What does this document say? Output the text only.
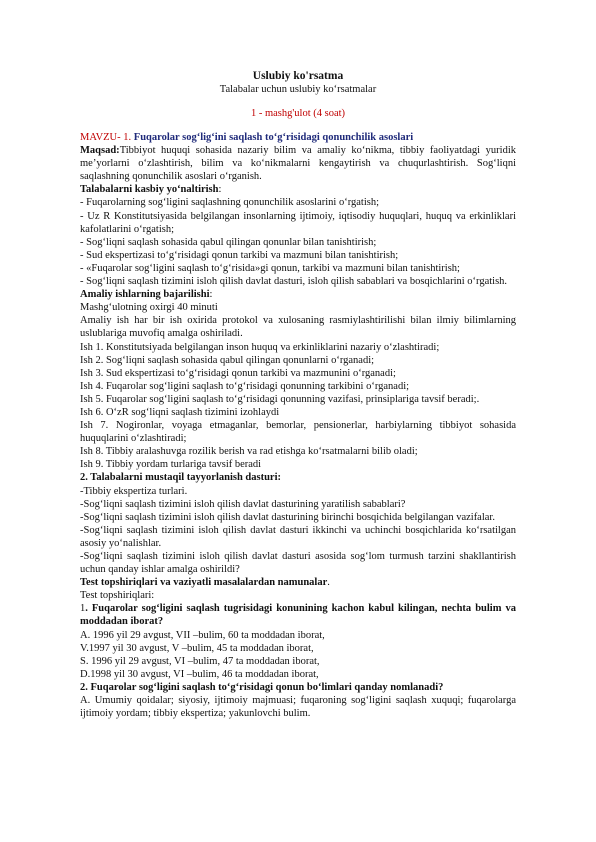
Uslubiy ko'rsatma

Talabalar uchun uslubiy ko‘rsatmalar

1 - mashg'ulot (4 soat)

MAVZU- 1. Fuqarolar sog‘lig‘ini saqlash to‘g‘risidagi qonunchilik asoslari
Maqsad:Tibbiyot huquqi sohasida nazariy bilim va amaliy ko‘nikma, tibbiy faoliyatdagi yuridik me’yorlarni o‘zlashtirish, bilim va ko‘nikmalarni kengaytirish va chuqurlashtirish. Sog‘liqni saqlashning qonunchilik asoslari o‘rganish.
Talabalarni kasbiy yo‘naltirish:

- Fuqarolarning sog‘ligini saqlashning qonunchilik asoslarini o‘rgatish;

- Uz R Konstitutsiyasida belgilangan insonlarning ijtimoiy, iqtisodiy huquqlari, huquq va erkinliklari kafolatlarini o‘rgatish;

- Sog‘liqni saqlash sohasida qabul qilingan qonunlar bilan tanishtirish;

- Sud ekspertizasi to‘g‘risidagi qonun tarkibi va mazmuni bilan tanishtirish;

- «Fuqarolar sog‘ligini saqlash to‘g‘risida»gi qonun, tarkibi va mazmuni bilan tanishtirish;

- Sog‘liqni saqlash tizimini isloh qilish davlat dasturi, isloh qilish sabablari va bosqichlarini o‘rgatish.

Amaliy ishlarning bajarilishi:

Mashg‘ulotning oxirgi 40 minuti

Amaliy ish har bir ish oxirida protokol va xulosaning rasmiylashtirilishi bilan ilmiy bilimlarning uslublariga muvofiq amalga oshiriladi.

Ish 1. Konstitutsiyada belgilangan inson huquq va erkinliklarini nazariy o‘zlashtiradi;

Ish 2. Sog‘liqni saqlash sohasida qabul qilingan qonunlarni o‘rganadi;

Ish 3. Sud ekspertizasi to‘g‘risidagi qonun tarkibi va mazmunini o‘rganadi;

Ish 4. Fuqarolar sog‘ligini saqlash to‘g‘risidagi qonunning tarkibini o‘rganadi;

Ish 5. Fuqarolar sog‘ligini saqlash to‘g‘risidagi qonunning vazifasi, prinsiplariga tavsif beradi;.

Ish 6. O‘zR sog‘liqni saqlash tizimini izohlaydi

Ish 7. Nogironlar, voyaga etmaganlar, bemorlar, pensionerlar, harbiylarning tibbiyot sohasida huquqlarini o‘zlashtiradi;

Ish 8. Tibbiy aralashuvga rozilik berish va rad etishga ko‘rsatmalarni bilib oladi;

Ish 9. Tibbiy yordam turlariga tavsif beradi

2. Talabalarni mustaqil tayyorlanish dasturi:

-Tibbiy ekspertiza turlari.

-Sog‘liqni saqlash tizimini isloh qilish davlat dasturining yaratilish sabablari?

-Sog‘liqni saqlash tizimini isloh qilish davlat dasturining birinchi bosqichida belgilangan vazifalar.

-Sog‘liqni saqlash tizimini isloh qilish davlat dasturi ikkinchi va uchinchi bosqichlarida ko‘rsatilgan asosiy yo‘nalishlar.

-Sog‘liqni saqlash tizimini isloh qilish davlat dasturi asosida sog‘lom turmush tarzini shakllantirish uchun qanday ishlar amalga oshirildi?

Test topshiriqlari va vaziyatli masalalardan namunalar.

Test topshiriqlari:

1. Fuqarolar sog‘ligini saqlash tugrisidagi konunining kachon kabul kilingan, nechta bulim va moddadan iborat?

A. 1996 yil 29 avgust, VII –bulim, 60 ta moddadan iborat,

V.1997 yil 30 avgust, V –bulim, 45 ta moddadan iborat,

S. 1996 yil 29 avgust, VI –bulim, 47 ta moddadan iborat,

D.1998 yil 30 avgust, VI –bulim, 46 ta moddadan iborat,

2. Fuqarolar sog‘ligini saqlash to‘g‘risidagi qonun bo‘limlari qanday nomlanadi?

A. Umumiy qoidalar; siyosiy, ijtimoiy majmuasi; fuqaroning sog‘ligini saqlash xuquqi; fuqarolarga ijtimoiy yordam; tibbiy ekspertiza; yakunlovchi bulim.
